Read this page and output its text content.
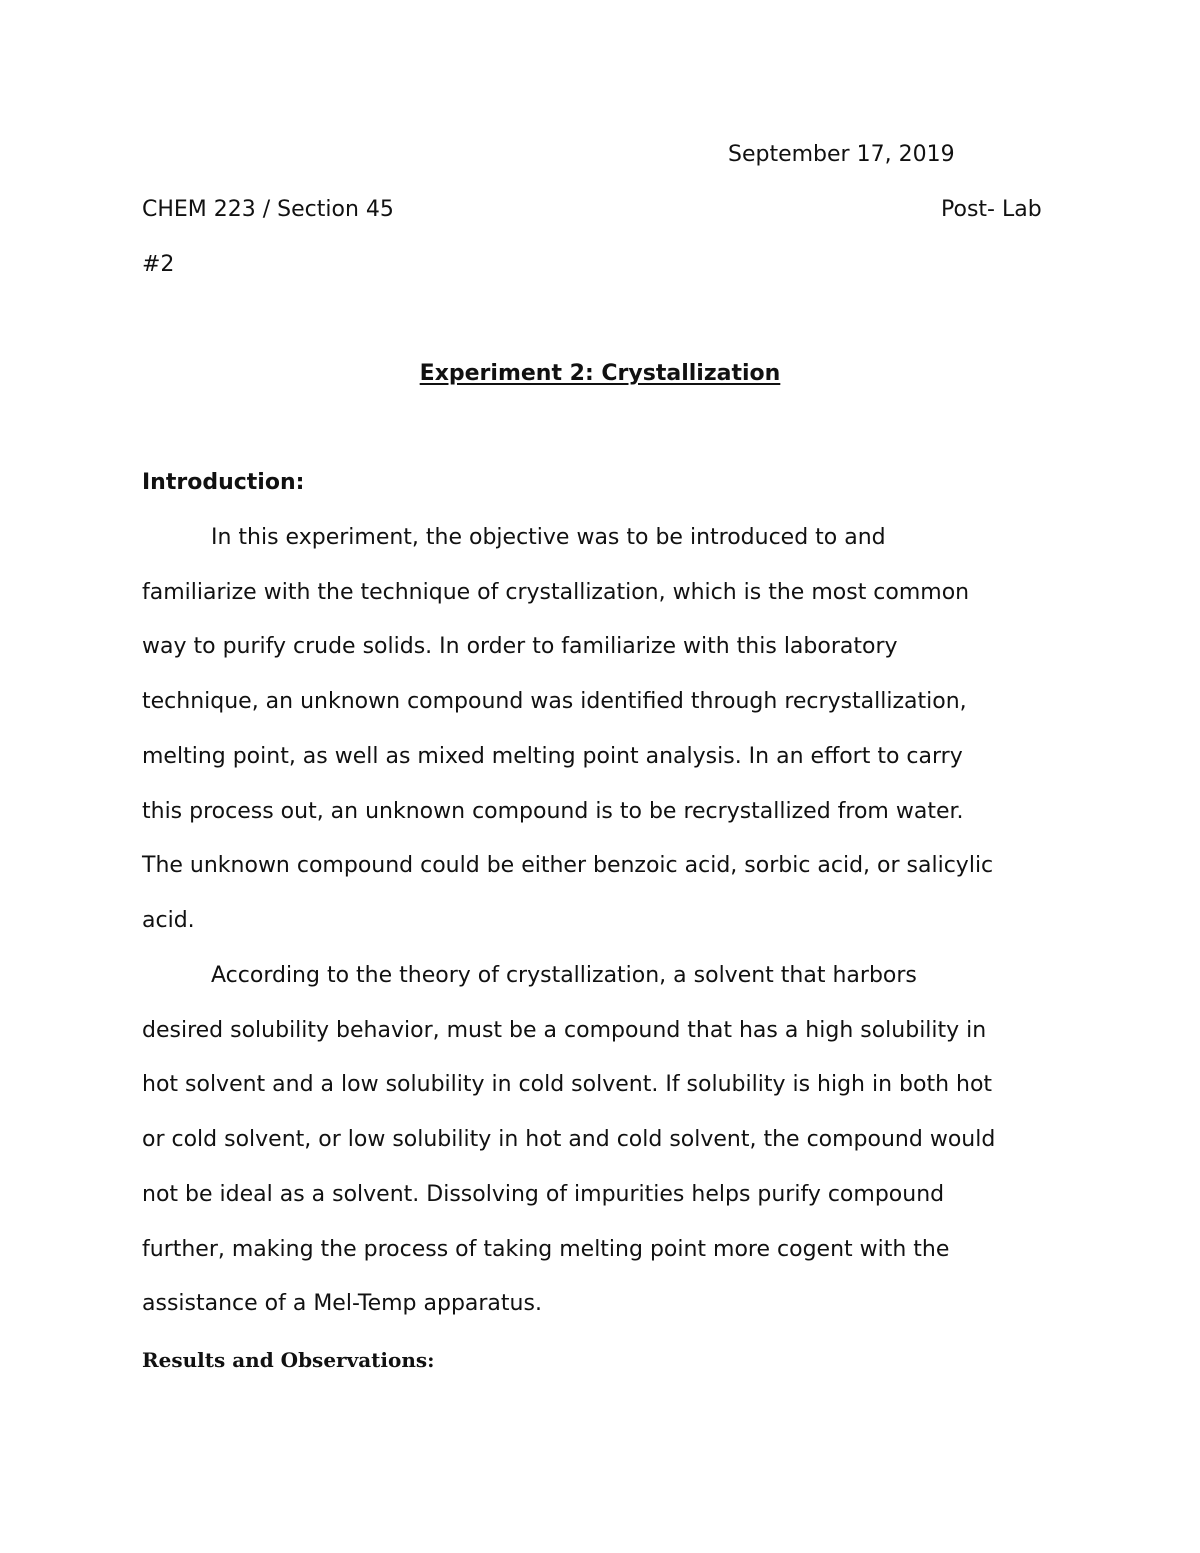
September 17, 2019
CHEM 223 / Section 45	Post- Lab
#2
Experiment 2: Crystallization
Introduction:
In this experiment, the objective was to be introduced to and
familiarize with the technique of crystallization, which is the most common
way to purify crude solids. In order to familiarize with this laboratory
technique, an unknown compound was identified through recrystallization,
melting point, as well as mixed melting point analysis. In an effort to carry
this process out, an unknown compound is to be recrystallized from water.
The unknown compound could be either benzoic acid, sorbic acid, or salicylic
acid.
According to the theory of crystallization, a solvent that harbors
desired solubility behavior, must be a compound that has a high solubility in
hot solvent and a low solubility in cold solvent. If solubility is high in both hot
or cold solvent, or low solubility in hot and cold solvent, the compound would
not be ideal as a solvent. Dissolving of impurities helps purify compound
further, making the process of taking melting point more cogent with the
assistance of a Mel-Temp apparatus.
Results and Observations:
